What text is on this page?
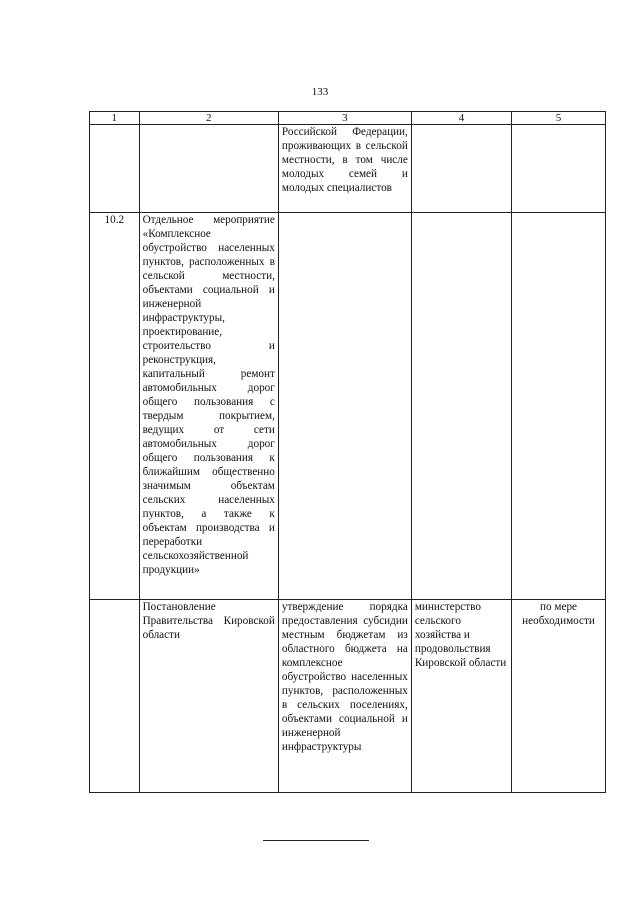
133
1	2	3	4	5
		Российской Федерации, проживающих в сельской местности, в том числе молодых семей и молодых специалистов		
10.2	Отдельное мероприятие «Комплексное обустройство населенных пунктов, расположенных в сельской местности, объектами социальной и инженерной инфраструктуры, проектирование, строительство и реконструкция, капитальный ремонт автомобильных дорог общего пользования с твердым покрытием, ведущих от сети автомобильных дорог общего пользования к ближайшим общественно значимым объектам сельских населенных пунктов, а также к объектам производства и переработки сельскохозяйственной продукции»			
	Постановление Правительства Кировской области	утверждение порядка предоставления субсидии местным бюджетам из областного бюджета на комплексное обустройство населенных пунктов, расположенных в сельских поселениях, объектами социальной и инженерной инфраструктуры	министерство сельского хозяйства и продовольствия Кировской области	по мере необходимости
